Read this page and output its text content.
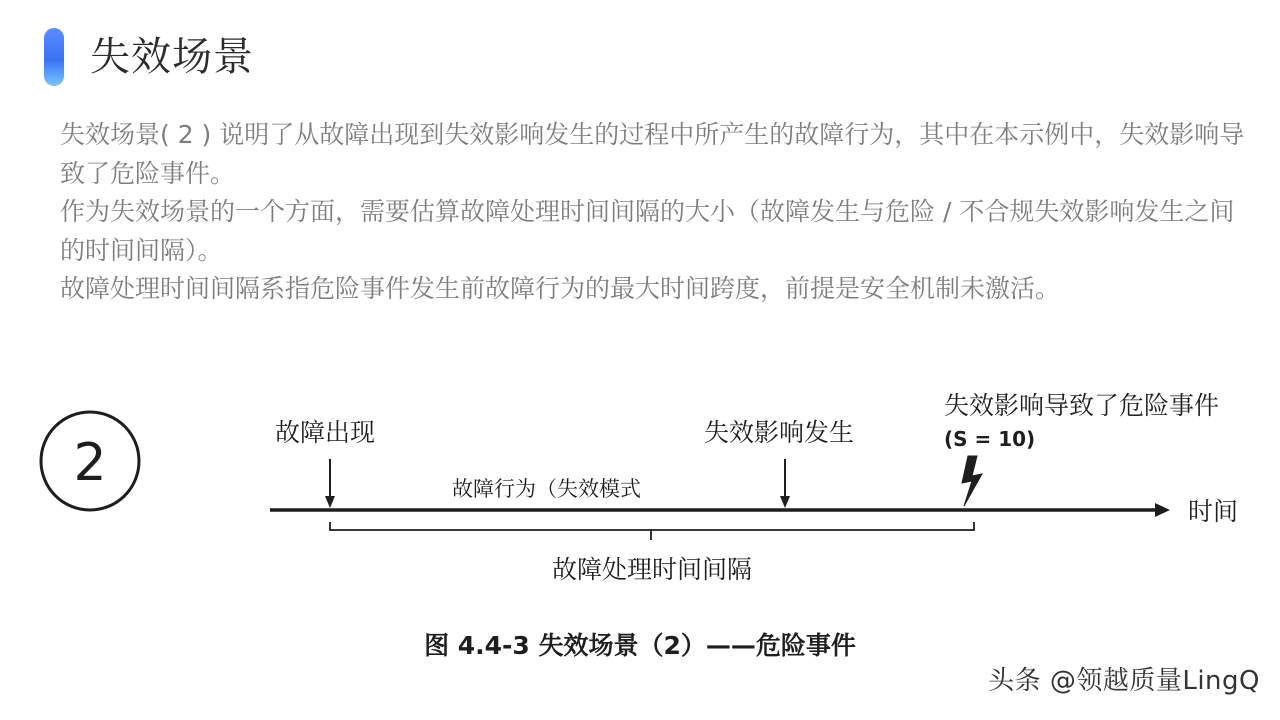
失效场景

失效场景( 2 ) 说明了从故障出现到失效影响发生的过程中所产生的故障行为，其中在本示例中，失效影响导致了危险事件。

作为失效场景的一个方面，需要估算故障处理时间间隔的大小（故障发生与危险 / 不合规失效影响发生之间的时间间隔）。

故障处理时间间隔系指危险事件发生前故障行为的最大时间跨度，前提是安全机制未激活。

2
时间
故障出现	失效影响发生
失效影响导致了危险事件
(S = 10)
故障行为（失效模式
故障处理时间间隔
图 4.4-3 失效场景（2）——危险事件
头条 @领越质量LingQ
